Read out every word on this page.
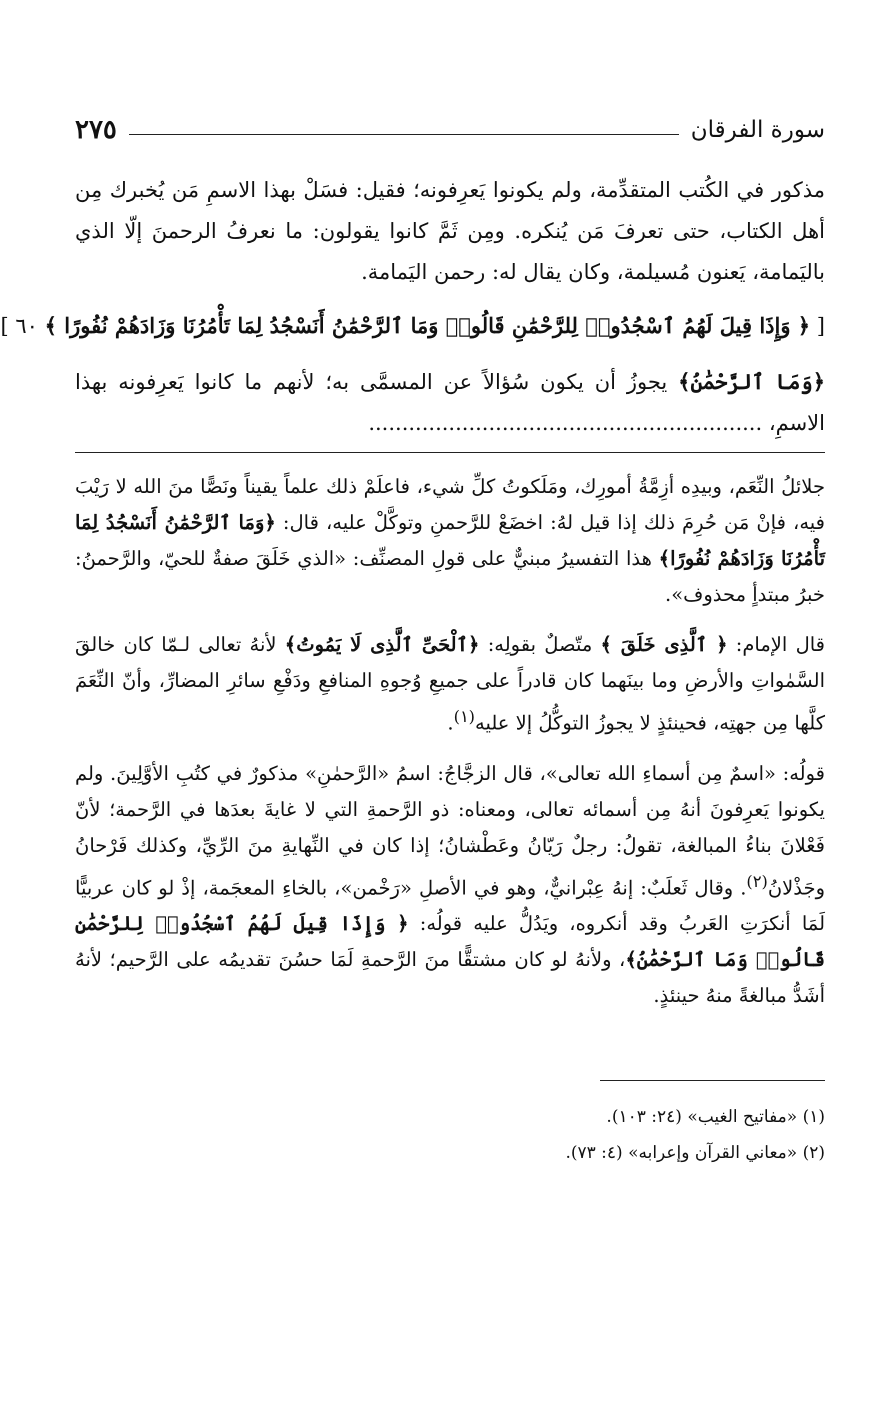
سورة الفرقان
٢٧٥

مذكور في الكُتب المتقدِّمة، ولم يكونوا يَعرِفونه؛ فقيل: فسَلْ بهذا الاسمِ مَن يُخبرك مِن أهل الكتاب، حتى تعرفَ مَن يُنكره. ومِن ثَمَّ كانوا يقولون: ما نعرفُ الرحمنَ إلّا الذي باليَمامة، يَعنون مُسيلمة، وكان يقال له: رحمن اليَمامة.

[ ﴿ وَإِذَا قِيلَ لَهُمُ ٱسْجُدُوا۟ لِلرَّحْمَٰنِ قَالُوا۟ وَمَا ٱلرَّحْمَٰنُ أَنَسْجُدُ لِمَا تَأْمُرُنَا وَزَادَهُمْ نُفُورًا ﴾ ٦٠ ]

﴿وَمَا ٱلرَّحْمَٰنُ﴾ يجوزُ أن يكون سُؤالاً عن المسمَّى به؛ لأنهم ما كانوا يَعرِفونه بهذا الاسمِ، ...........................................................

جلائلُ النِّعَم، وبيدِه أزِمَّةُ أمورِك، ومَلَكوتُ كلِّ شيء، فاعلَمْ ذلك علماً يقيناً ونَصًّا منَ الله لا رَيْبَ فيه، فإنْ مَن حُرِمَ ذلك إذا قيل لهُ: اخضَعْ للرَّحمنِ وتوكَّلْ عليه، قال: ﴿وَمَا ٱلرَّحْمَٰنُ أَنَسْجُدُ لِمَا تَأْمُرُنَا وَزَادَهُمْ نُفُورًا﴾ هذا التفسيرُ مبنيٌّ على قولِ المصنِّف: «الذي خَلَقَ صفةٌ للحيّ، والرَّحمنُ: خبرُ مبتدأٍ محذوف».

قال الإمام: ﴿ ٱلَّذِى خَلَقَ ﴾ متّصلٌ بقولِه: ﴿ٱلْحَىِّ ٱلَّذِى لَا يَمُوتُ﴾ لأنهُ تعالى لـمّا كان خالقَ السَّمٰواتِ والأرضِ وما بينَهما كان قادراً على جميعِ وُجوهِ المنافعِ ودَفْعِ سائرِ المضارِّ، وأنّ النِّعَمَ كلَّها مِن جهتِه، فحينئذٍ لا يجوزُ التوكُّلُ إلا عليه$^{(١)}$.

قولُه: «اسمٌ مِن أسماءِ الله تعالى»، قال الزجَّاجُ: اسمُ «الرَّحمٰنِ» مذكورٌ في كتُبِ الأوَّلِينَ. ولم يكونوا يَعرِفونَ أنهُ مِن أسمائه تعالى، ومعناه: ذو الرَّحمةِ التي لا غايةَ بعدَها في الرَّحمة؛ لأنّ فَعْلانَ بناءُ المبالغة، تقولُ: رجلٌ رَيّانُ وعَطْشانُ؛ إذا كان في النِّهايةِ منَ الرِّيِّ، وكذلك فَرْحانُ وجَذْلانُ$^{(٢)}$. وقال ثَعلَبٌ: إنهُ عِبْرانيٌّ، وهو في الأصلِ «رَخْمن»، بالخاءِ المعجَمة، إذْ لو كان عربيًّا لَمَا أنكرَتِ العَربُ وقد أنكروه، ويَدُلُّ عليه قولُه: ﴿ وَإِذَا قِيلَ لَهُمُ ٱسْجُدُوا۟ لِلرَّحْمَٰنِ قَالُوا۟ وَمَا ٱلرَّحْمَٰنُ﴾، ولأنهُ لو كان مشتقًّا منَ الرَّحمةِ لَمَا حسُنَ تقديمُه على الرَّحيم؛ لأنهُ أشَدُّ مبالغةً منهُ حينئذٍ.

(١) «مفاتيح الغيب» (٢٤: ١٠٣).

(٢) «معاني القرآن وإعرابه» (٤: ٧٣).
